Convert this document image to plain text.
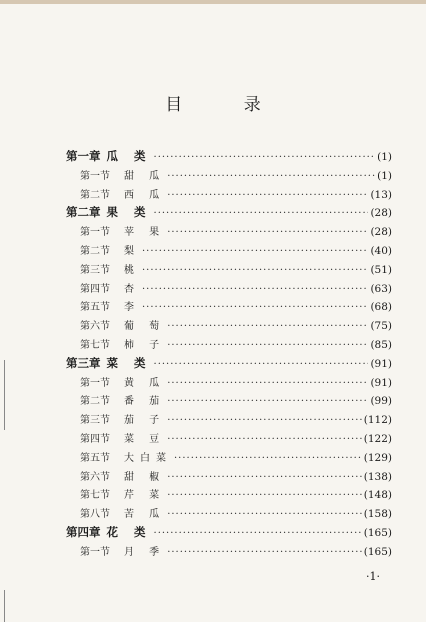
目 录
第一章 瓜 类 ·····	(1)
第一节 甜 瓜 ·····	(1)
第二节 西 瓜 ·····	(13)
第二章 果 类 ·····	(28)
第一节 苹 果 ·····	(28)
第二节 梨 ·····	(40)
第三节 桃 ·····	(51)
第四节 杏 ·····	(63)
第五节 李 ·····	(68)
第六节 葡 萄 ·····	(75)
第七节 柿 子 ·····	(85)
第三章 菜 类 ·····	(91)
第一节 黄 瓜 ·····	(91)
第二节 番 茄 ·····	(99)
第三节 茄 子 ·····	(112)
第四节 菜 豆 ·····	(122)
第五节 大白菜 ·····	(129)
第六节 甜 椒 ·····	(138)
第七节 芹 菜 ·····	(148)
第八节 苦 瓜 ·····	(158)
第四章 花 类 ·····	(165)
第一节 月 季 ·····	(165)
·1·
